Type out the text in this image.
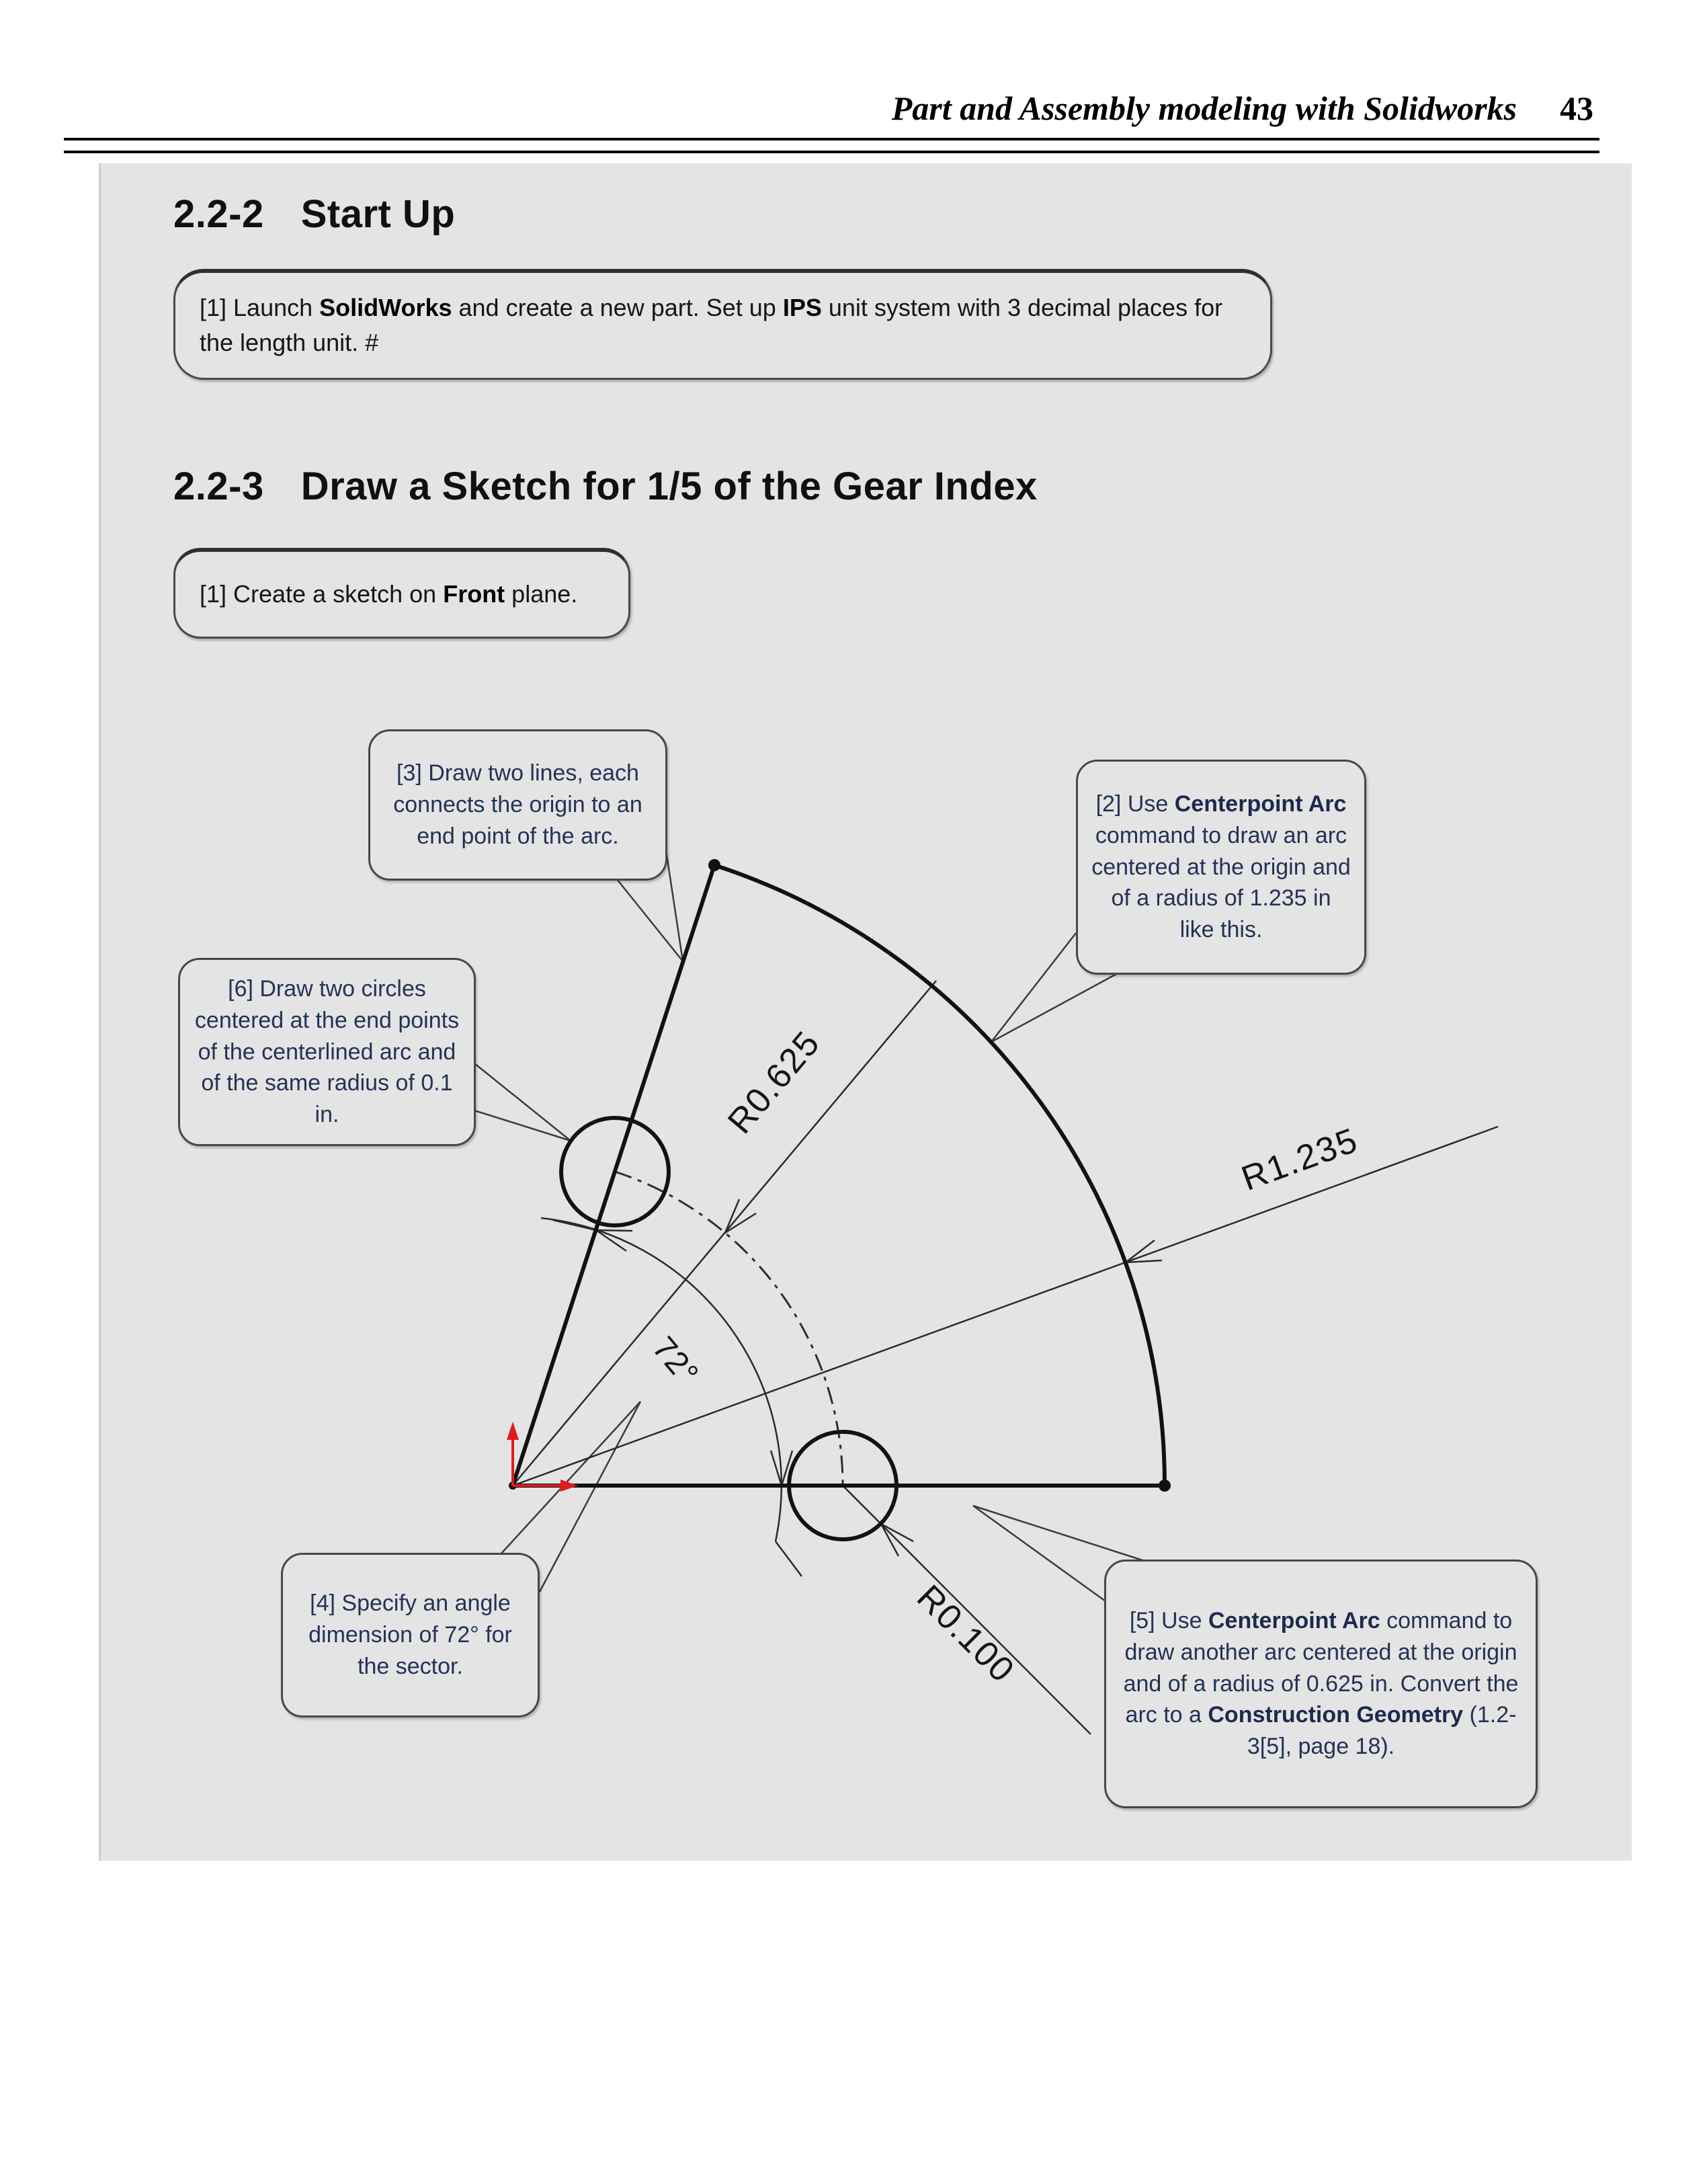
Part and Assembly modeling with Solidworks 43
2.2-2 Start Up
[1] Launch SolidWorks and create a new part. Set up IPS unit system with 3 decimal places for the length unit. #
2.2-3 Draw a Sketch for 1/5 of the Gear Index
[1] Create a sketch on Front plane.
R0.625
R1.235
R0.100
72°
[3] Draw two lines, each connects the origin to an end point of the arc.
[2] Use Centerpoint Arc command to draw an arc centered at the origin and of a radius of 1.235 in like this.
[6] Draw two circles centered at the end points of the centerlined arc and of the same radius of 0.1 in.
[4] Specify an angle dimension of 72° for the sector.
[5] Use Centerpoint Arc command to draw another arc centered at the origin and of a radius of 0.625 in. Convert the arc to a Construction Geometry (1.2-3[5], page 18).
